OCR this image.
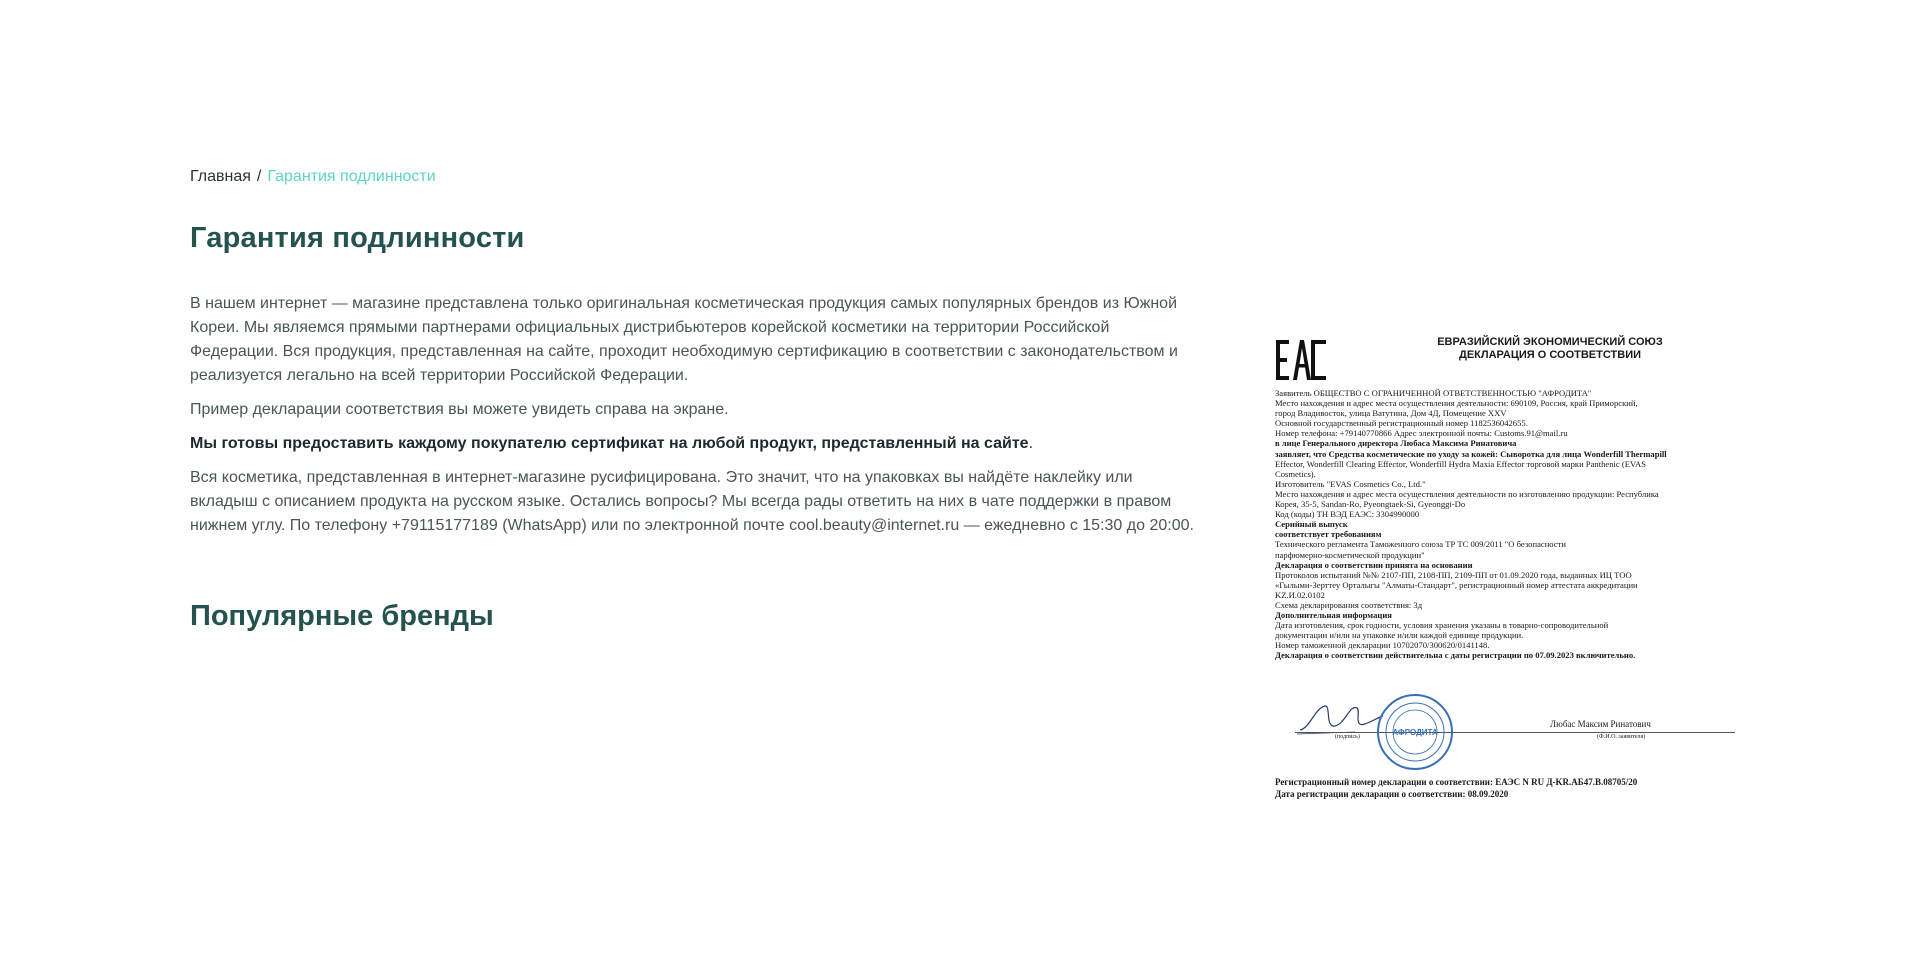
Главная / Гарантия подлинности
Гарантия подлинности

В нашем интернет — магазине представлена только оригинальная косметическая продукция самых популярных брендов из Южной
Кореи. Мы являемся прямыми партнерами официальных дистрибьютеров корейской косметики на территории Российской
Федерации. Вся продукция, представленная на сайте, проходит необходимую сертификацию в соответствии с законодательством и
реализуется легально на всей территории Российской Федерации.

Пример декларации соответствия вы можете увидеть справа на экране.

Мы готовы предоставить каждому покупателю сертификат на любой продукт, представленный на сайте.

Вся косметика, представленная в интернет-магазине русифицирована. Это значит, что на упаковках вы найдёте наклейку или
вкладыш с описанием продукта на русском языке. Остались вопросы? Мы всегда рады ответить на них в чате поддержки в правом
нижнем углу. По телефону +79115177189 (WhatsApp) или по электронной почте cool.beauty@internet.ru — ежедневно с 15:30 до 20:00.

Популярные бренды
ЕВРАЗИЙСКИЙ ЭКОНОМИЧЕСКИЙ СОЮЗ
ДЕКЛАРАЦИЯ О СООТВЕТСТВИИ
Заявитель ОБЩЕСТВО С ОГРАНИЧЕННОЙ ОТВЕТСТВЕННОСТЬЮ "АФРОДИТА"
Место нахождения и адрес места осуществления деятельности: 690109, Россия, край Приморский,
город Владивосток, улица Ватутина, Дом 4Д, Помещение XXV
Основной государственный регистрационный номер 1182536042655.
Номер телефона: +79140770866 Адрес электронной почты: Customs.91@mail.ru
в лице Генерального директора Любаса Максима Ринатовича
заявляет, что Средства косметические по уходу за кожей: Сыворотка для лица Wonderfill Thermapill
Effector, Wonderfill Clearing Effector, Wonderfill Hydra Maxia Effector торговой марки Panthenic (EVAS
Cosmetics).
Изготовитель "EVAS Cosmetics Co., Ltd."
Место нахождения и адрес места осуществления деятельности по изготовлению продукции: Республика
Корея, 35-5, Sandan-Ro, Pyeongtaek-Si, Gyeonggi-Do
Код (коды) ТН ВЭД ЕАЭС: 3304990000
Серийный выпуск
соответствует требованиям
Технического регламента Таможенного союза ТР ТС 009/2011 "О безопасности
парфюмерно-косметической продукции"
Декларация о соответствии принята на основании
Протоколов испытаний №№ 2107-ПП, 2108-ПП, 2109-ПП от 01.09.2020 года, выданных ИЦ ТОО
«Гылыми-Зерттеу Орталыгы "Алматы-Стандарт", регистрационный номер аттестата аккредитации
KZ.И.02.0102
Схема декларирования соответствия: 3д
Дополнительная информация
Дата изготовления, срок годности, условия хранения указаны в товарно-сопроводительной
документации и/или на упаковке и/или каждой единице продукции.
Номер таможенной декларации 10702070/300620/0141148.
Декларация о соответствии действительна с даты регистрации по 07.09.2023 включительно.
Любас Максим Ринатович
(подпись)	(Ф.И.О. заявителя)
АФРОДИТА
Регистрационный номер декларации о соответствии: ЕАЭС N RU Д-KR.АБ47.В.08705/20
Дата регистрации декларации о соответствии: 08.09.2020
